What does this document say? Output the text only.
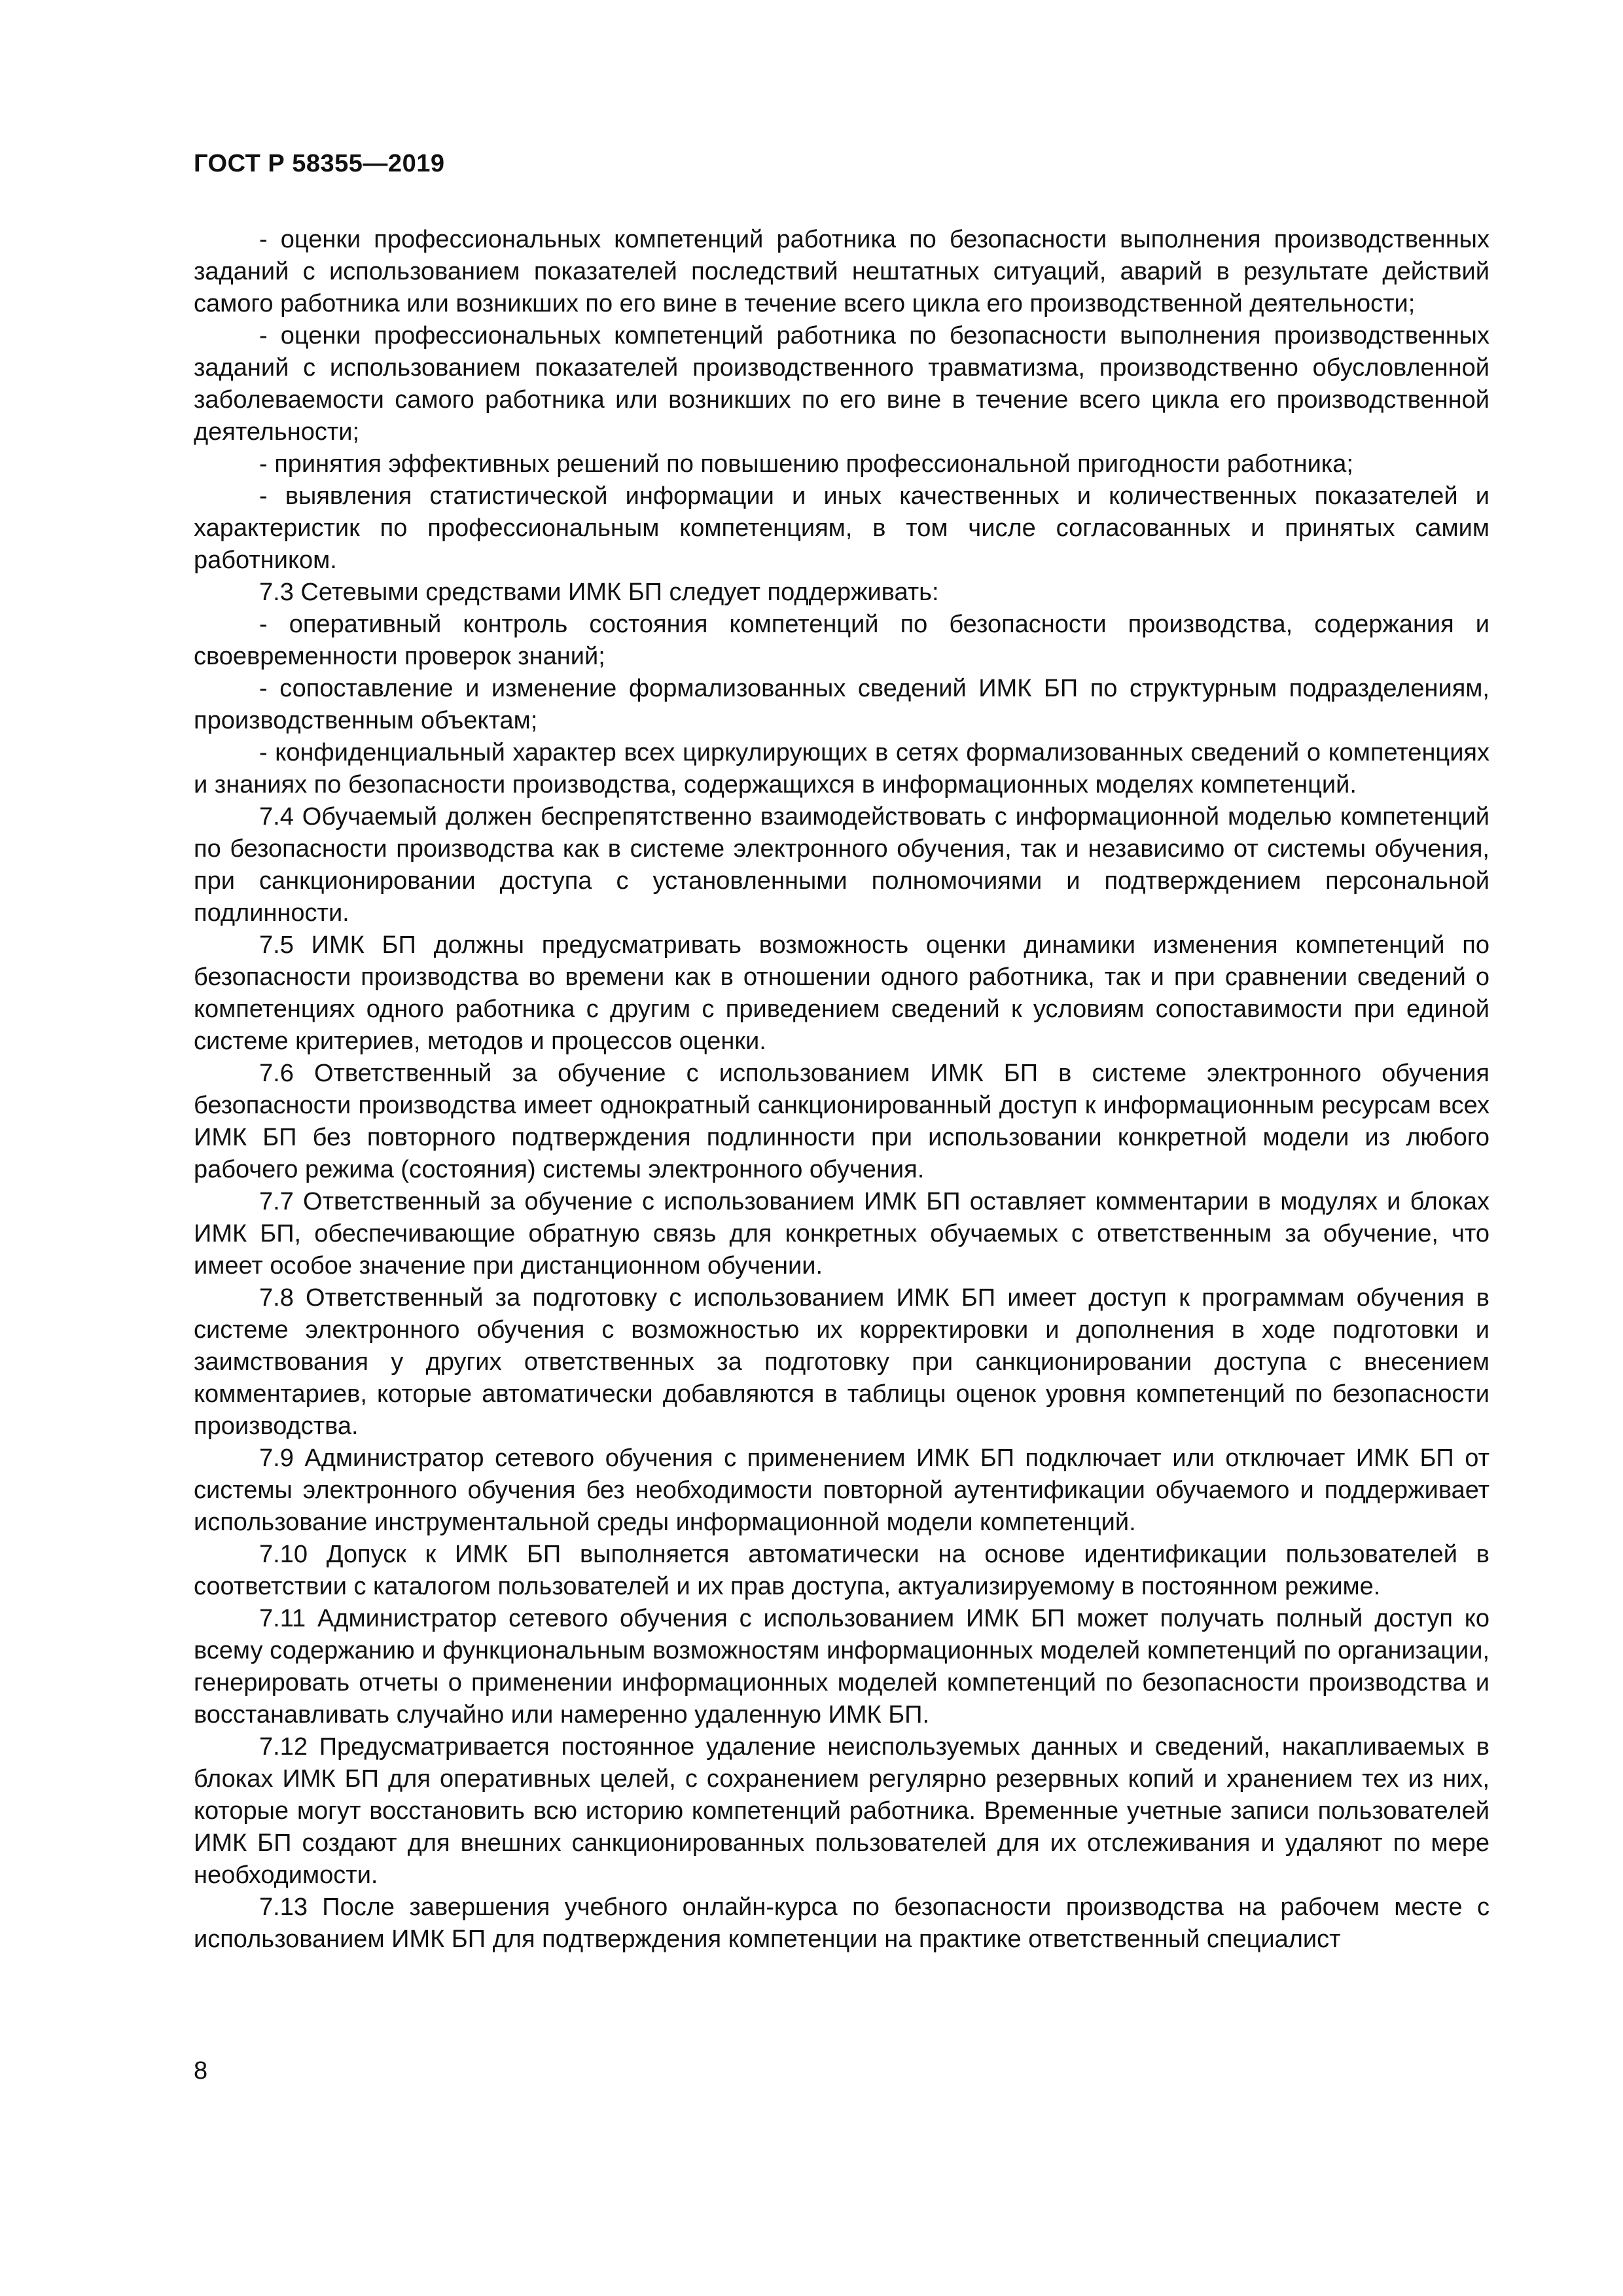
ГОСТ Р 58355—2019

- оценки профессиональных компетенций работника по безопасности выполнения производственных заданий с использованием показателей последствий нештатных ситуаций, аварий в результате действий самого работника или возникших по его вине в течение всего цикла его производственной деятельности;

- оценки профессиональных компетенций работника по безопасности выполнения производственных заданий с использованием показателей производственного травматизма, производственно обусловленной заболеваемости самого работника или возникших по его вине в течение всего цикла его производственной деятельности;

- принятия эффективных решений по повышению профессиональной пригодности работника;

- выявления статистической информации и иных качественных и количественных показателей и характеристик по профессиональным компетенциям, в том числе согласованных и принятых самим работником.

7.3 Сетевыми средствами ИМК БП следует поддерживать:

- оперативный контроль состояния компетенций по безопасности производства, содержания и своевременности проверок знаний;

- сопоставление и изменение формализованных сведений ИМК БП по структурным подразделениям, производственным объектам;

- конфиденциальный характер всех циркулирующих в сетях формализованных сведений о компетенциях и знаниях по безопасности производства, содержащихся в информационных моделях компетенций.

7.4 Обучаемый должен беспрепятственно взаимодействовать с информационной моделью компетенций по безопасности производства как в системе электронного обучения, так и независимо от системы обучения, при санкционировании доступа с установленными полномочиями и подтверждением персональной подлинности.

7.5 ИМК БП должны предусматривать возможность оценки динамики изменения компетенций по безопасности производства во времени как в отношении одного работника, так и при сравнении сведений о компетенциях одного работника с другим с приведением сведений к условиям сопоставимости при единой системе критериев, методов и процессов оценки.

7.6 Ответственный за обучение с использованием ИМК БП в системе электронного обучения безопасности производства имеет однократный санкционированный доступ к информационным ресурсам всех ИМК БП без повторного подтверждения подлинности при использовании конкретной модели из любого рабочего режима (состояния) системы электронного обучения.

7.7 Ответственный за обучение с использованием ИМК БП оставляет комментарии в модулях и блоках ИМК БП, обеспечивающие обратную связь для конкретных обучаемых с ответственным за обучение, что имеет особое значение при дистанционном обучении.

7.8 Ответственный за подготовку с использованием ИМК БП имеет доступ к программам обучения в системе электронного обучения с возможностью их корректировки и дополнения в ходе подготовки и заимствования у других ответственных за подготовку при санкционировании доступа с внесением комментариев, которые автоматически добавляются в таблицы оценок уровня компетенций по безопасности производства.

7.9 Администратор сетевого обучения с применением ИМК БП подключает или отключает ИМК БП от системы электронного обучения без необходимости повторной аутентификации обучаемого и поддерживает использование инструментальной среды информационной модели компетенций.

7.10 Допуск к ИМК БП выполняется автоматически на основе идентификации пользователей в соответствии с каталогом пользователей и их прав доступа, актуализируемому в постоянном режиме.

7.11 Администратор сетевого обучения с использованием ИМК БП может получать полный доступ ко всему содержанию и функциональным возможностям информационных моделей компетенций по организации, генерировать отчеты о применении информационных моделей компетенций по безопасности производства и восстанавливать случайно или намеренно удаленную ИМК БП.

7.12 Предусматривается постоянное удаление неиспользуемых данных и сведений, накапливаемых в блоках ИМК БП для оперативных целей, с сохранением регулярно резервных копий и хранением тех из них, которые могут восстановить всю историю компетенций работника. Временные учетные записи пользователей ИМК БП создают для внешних санкционированных пользователей для их отслеживания и удаляют по мере необходимости.

7.13 После завершения учебного онлайн-курса по безопасности производства на рабочем месте с использованием ИМК БП для подтверждения компетенции на практике ответственный специалист

8
